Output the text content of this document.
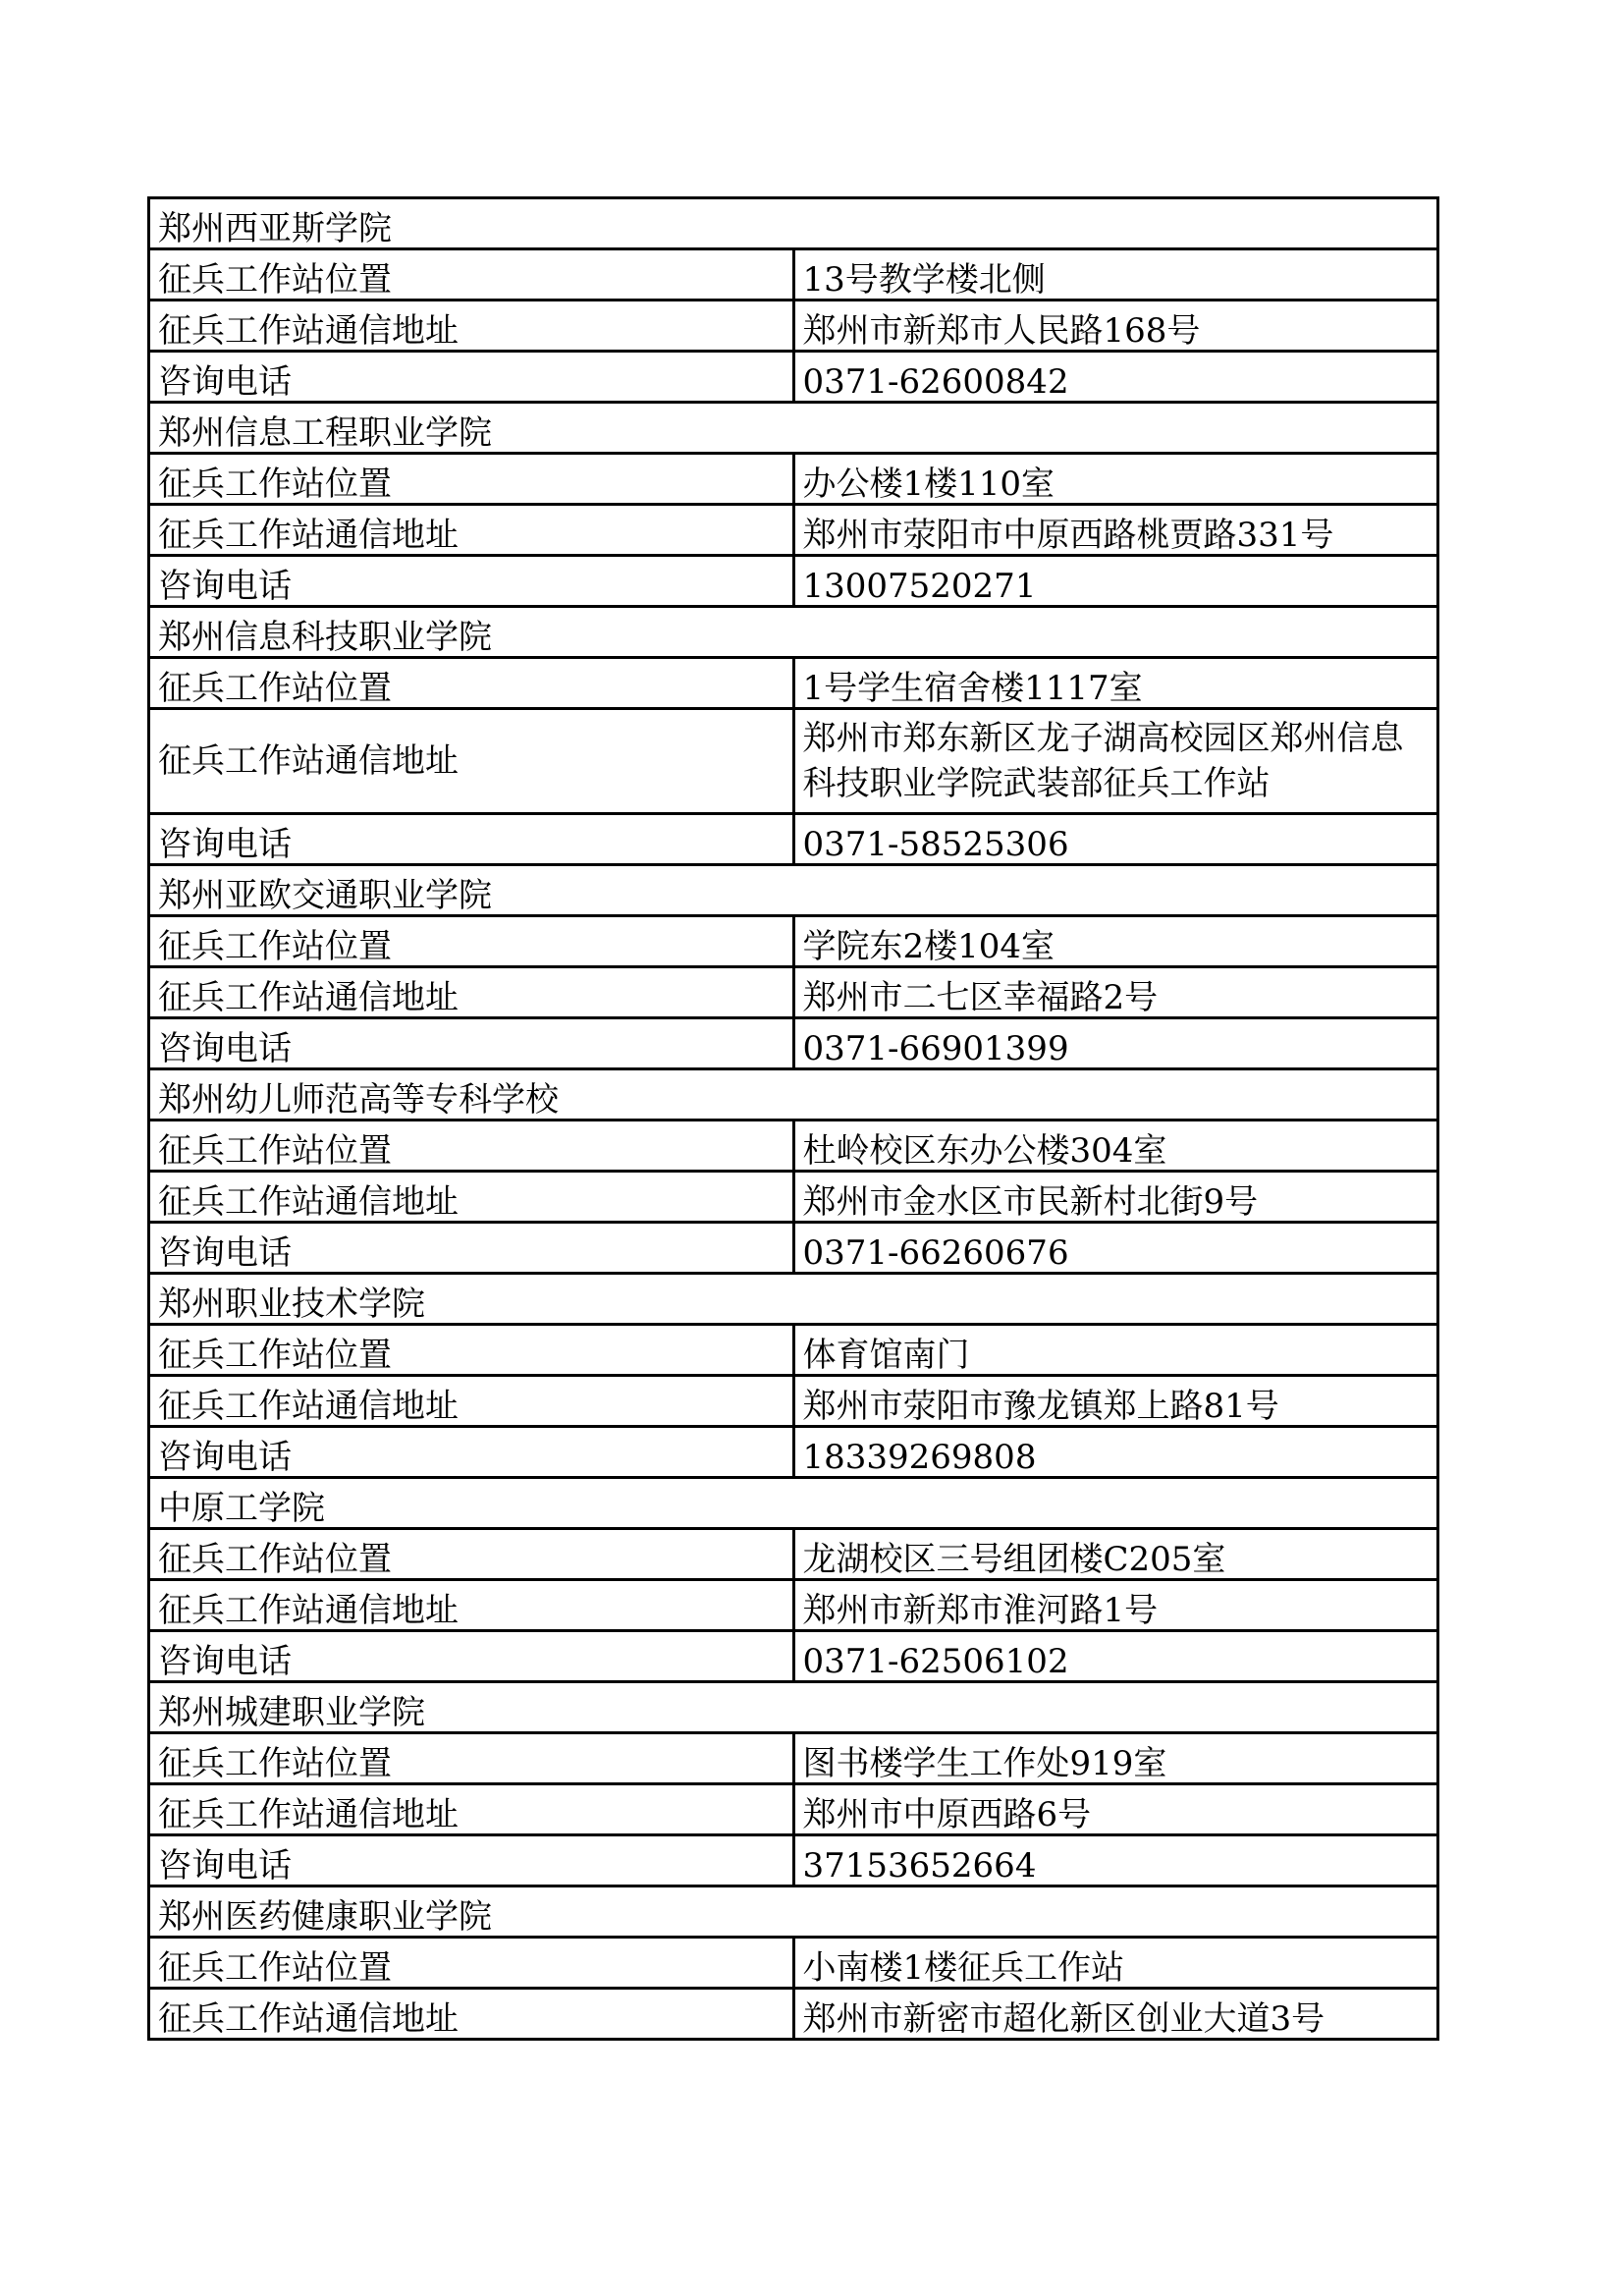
郑州西亚斯学院	
征兵工作站位置	13号教学楼北侧
征兵工作站通信地址	郑州市新郑市人民路168号
咨询电话	0371-62600842
郑州信息工程职业学院	
征兵工作站位置	办公楼1楼110室
征兵工作站通信地址	郑州市荥阳市中原西路桃贾路331号
咨询电话	13007520271
郑州信息科技职业学院	
征兵工作站位置	1号学生宿舍楼1117室
征兵工作站通信地址	郑州市郑东新区龙子湖高校园区郑州信息科技职业学院武装部征兵工作站
咨询电话	0371-58525306
郑州亚欧交通职业学院	
征兵工作站位置	学院东2楼104室
征兵工作站通信地址	郑州市二七区幸福路2号
咨询电话	0371-66901399
郑州幼儿师范高等专科学校	
征兵工作站位置	杜岭校区东办公楼304室
征兵工作站通信地址	郑州市金水区市民新村北街9号
咨询电话	0371-66260676
郑州职业技术学院	
征兵工作站位置	体育馆南门
征兵工作站通信地址	郑州市荥阳市豫龙镇郑上路81号
咨询电话	18339269808
中原工学院	
征兵工作站位置	龙湖校区三号组团楼C205室
征兵工作站通信地址	郑州市新郑市淮河路1号
咨询电话	0371-62506102
郑州城建职业学院	
征兵工作站位置	图书楼学生工作处919室
征兵工作站通信地址	郑州市中原西路6号
咨询电话	37153652664
郑州医药健康职业学院	
征兵工作站位置	小南楼1楼征兵工作站
征兵工作站通信地址	郑州市新密市超化新区创业大道3号
